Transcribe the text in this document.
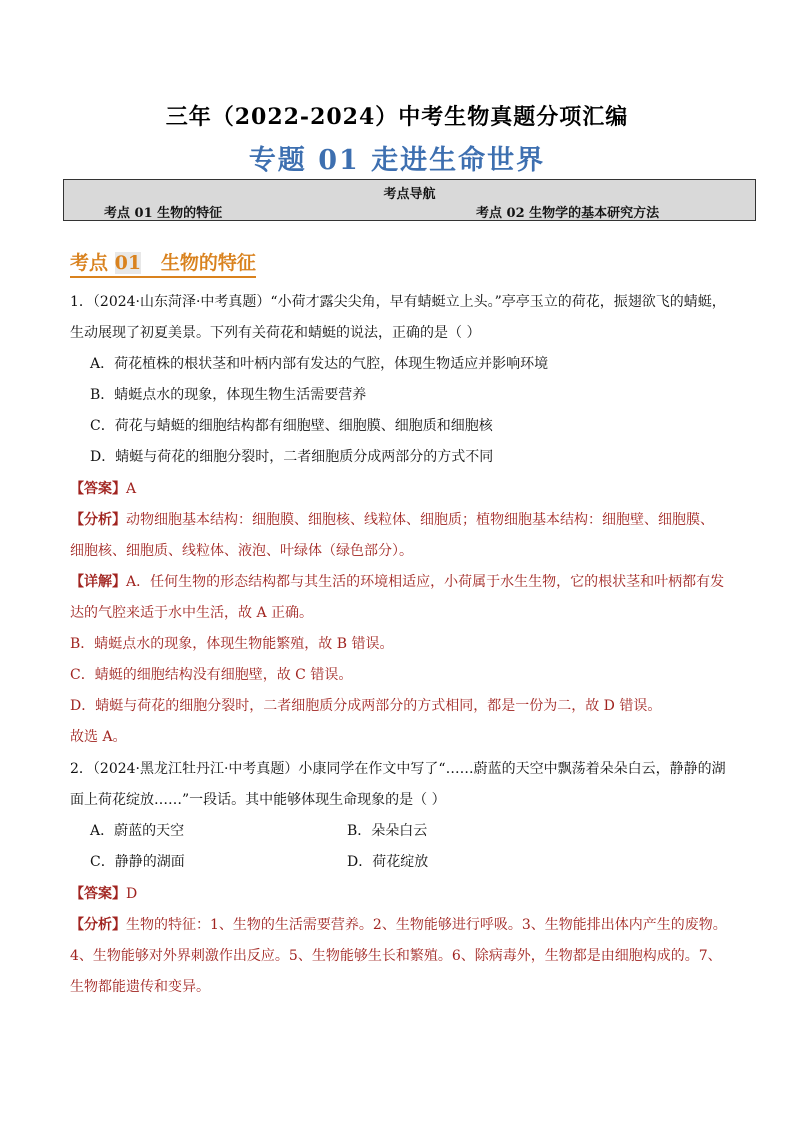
三年（2022-2024）中考生物真题分项汇编
专题 01 走进生命世界
考点导航
考点 01 生物的特征	考点 02 生物学的基本研究方法
考点 01   生物的特征
1．（2024·山东菏泽·中考真题）“小荷才露尖尖角，早有蜻蜓立上头。”亭亭玉立的荷花，振翅欲飞的蜻蜓，
生动展现了初夏美景。下列有关荷花和蜻蜓的说法，正确的是（ ）
A．荷花植株的根状茎和叶柄内部有发达的气腔，体现生物适应并影响环境
B．蜻蜓点水的现象，体现生物生活需要营养
C．荷花与蜻蜓的细胞结构都有细胞壁、细胞膜、细胞质和细胞核
D．蜻蜓与荷花的细胞分裂时，二者细胞质分成两部分的方式不同
【答案】A
【分析】动物细胞基本结构：细胞膜、细胞核、线粒体、细胞质；植物细胞基本结构：细胞壁、细胞膜、
细胞核、细胞质、线粒体、液泡、叶绿体（绿色部分）。
【详解】A．任何生物的形态结构都与其生活的环境相适应，小荷属于水生生物，它的根状茎和叶柄都有发
达的气腔来适于水中生活，故 A 正确。
B．蜻蜓点水的现象，体现生物能繁殖，故 B 错误。
C．蜻蜓的细胞结构没有细胞壁，故 C 错误。
D．蜻蜓与荷花的细胞分裂时，二者细胞质分成两部分的方式相同，都是一份为二，故 D 错误。
故选 A。
2．（2024·黑龙江牡丹江·中考真题）小康同学在作文中写了“……蔚蓝的天空中飘荡着朵朵白云，静静的湖
面上荷花绽放……”一段话。其中能够体现生命现象的是（ ）
A．蔚蓝的天空	B．朵朵白云
C．静静的湖面	D．荷花绽放
【答案】D
【分析】生物的特征：1、生物的生活需要营养。2、生物能够进行呼吸。3、生物能排出体内产生的废物。
4、生物能够对外界刺激作出反应。5、生物能够生长和繁殖。6、除病毒外，生物都是由细胞构成的。7、
生物都能遗传和变异。
